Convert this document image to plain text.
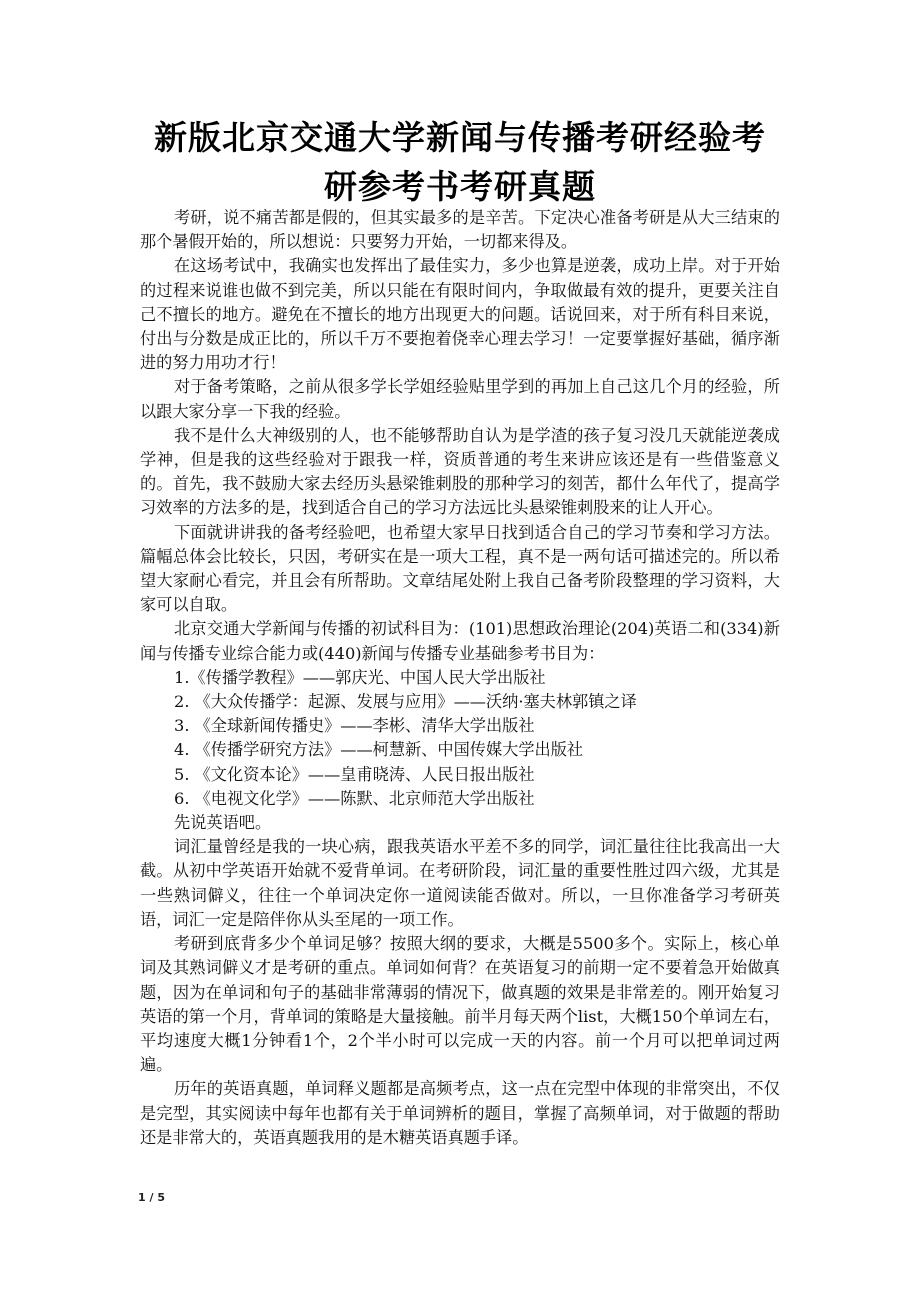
新版北京交通大学新闻与传播考研经验考
研参考书考研真题

考研，说不痛苦都是假的，但其实最多的是辛苦。下定决心准备考研是从大三结束的那个暑假开始的，所以想说：只要努力开始，一切都来得及。

在这场考试中，我确实也发挥出了最佳实力，多少也算是逆袭，成功上岸。对于开始的过程来说谁也做不到完美，所以只能在有限时间内，争取做最有效的提升，更要关注自己不擅长的地方。避免在不擅长的地方出现更大的问题。话说回来，对于所有科目来说，付出与分数是成正比的，所以千万不要抱着侥幸心理去学习！一定要掌握好基础，循序渐进的努力用功才行！

对于备考策略，之前从很多学长学姐经验贴里学到的再加上自己这几个月的经验，所以跟大家分享一下我的经验。

我不是什么大神级别的人，也不能够帮助自认为是学渣的孩子复习没几天就能逆袭成学神，但是我的这些经验对于跟我一样，资质普通的考生来讲应该还是有一些借鉴意义的。首先，我不鼓励大家去经历头悬梁锥刺股的那种学习的刻苦，都什么年代了，提高学习效率的方法多的是，找到适合自己的学习方法远比头悬梁锥刺股来的让人开心。

下面就讲讲我的备考经验吧，也希望大家早日找到适合自己的学习节奏和学习方法。篇幅总体会比较长，只因，考研实在是一项大工程，真不是一两句话可描述完的。所以希望大家耐心看完，并且会有所帮助。文章结尾处附上我自己备考阶段整理的学习资料，大家可以自取。

北京交通大学新闻与传播的初试科目为：(101)思想政治理论(204)英语二和(334)新闻与传播专业综合能力或(440)新闻与传播专业基础参考书目为：

1.《传播学教程》——郭庆光、中国人民大学出版社

2. 《大众传播学：起源、发展与应用》——沃纳·塞夫林郭镇之译

3. 《全球新闻传播史》——李彬、清华大学出版社

4. 《传播学研究方法》——柯慧新、中国传媒大学出版社

5. 《文化资本论》——皇甫晓涛、人民日报出版社

6. 《电视文化学》——陈默、北京师范大学出版社

先说英语吧。

词汇量曾经是我的一块心病，跟我英语水平差不多的同学，词汇量往往比我高出一大截。从初中学英语开始就不爱背单词。在考研阶段，词汇量的重要性胜过四六级，尤其是一些熟词僻义，往往一个单词决定你一道阅读能否做对。所以，一旦你准备学习考研英语，词汇一定是陪伴你从头至尾的一项工作。

考研到底背多少个单词足够？按照大纲的要求，大概是5500多个。实际上，核心单词及其熟词僻义才是考研的重点。单词如何背？在英语复习的前期一定不要着急开始做真题，因为在单词和句子的基础非常薄弱的情况下，做真题的效果是非常差的。刚开始复习英语的第一个月，背单词的策略是大量接触。前半月每天两个list，大概150个单词左右，平均速度大概1分钟看1个，2个半小时可以完成一天的内容。前一个月可以把单词过两遍。

历年的英语真题，单词释义题都是高频考点，这一点在完型中体现的非常突出，不仅是完型，其实阅读中每年也都有关于单词辨析的题目，掌握了高频单词，对于做题的帮助还是非常大的，英语真题我用的是木糖英语真题手译。

1 / 5
